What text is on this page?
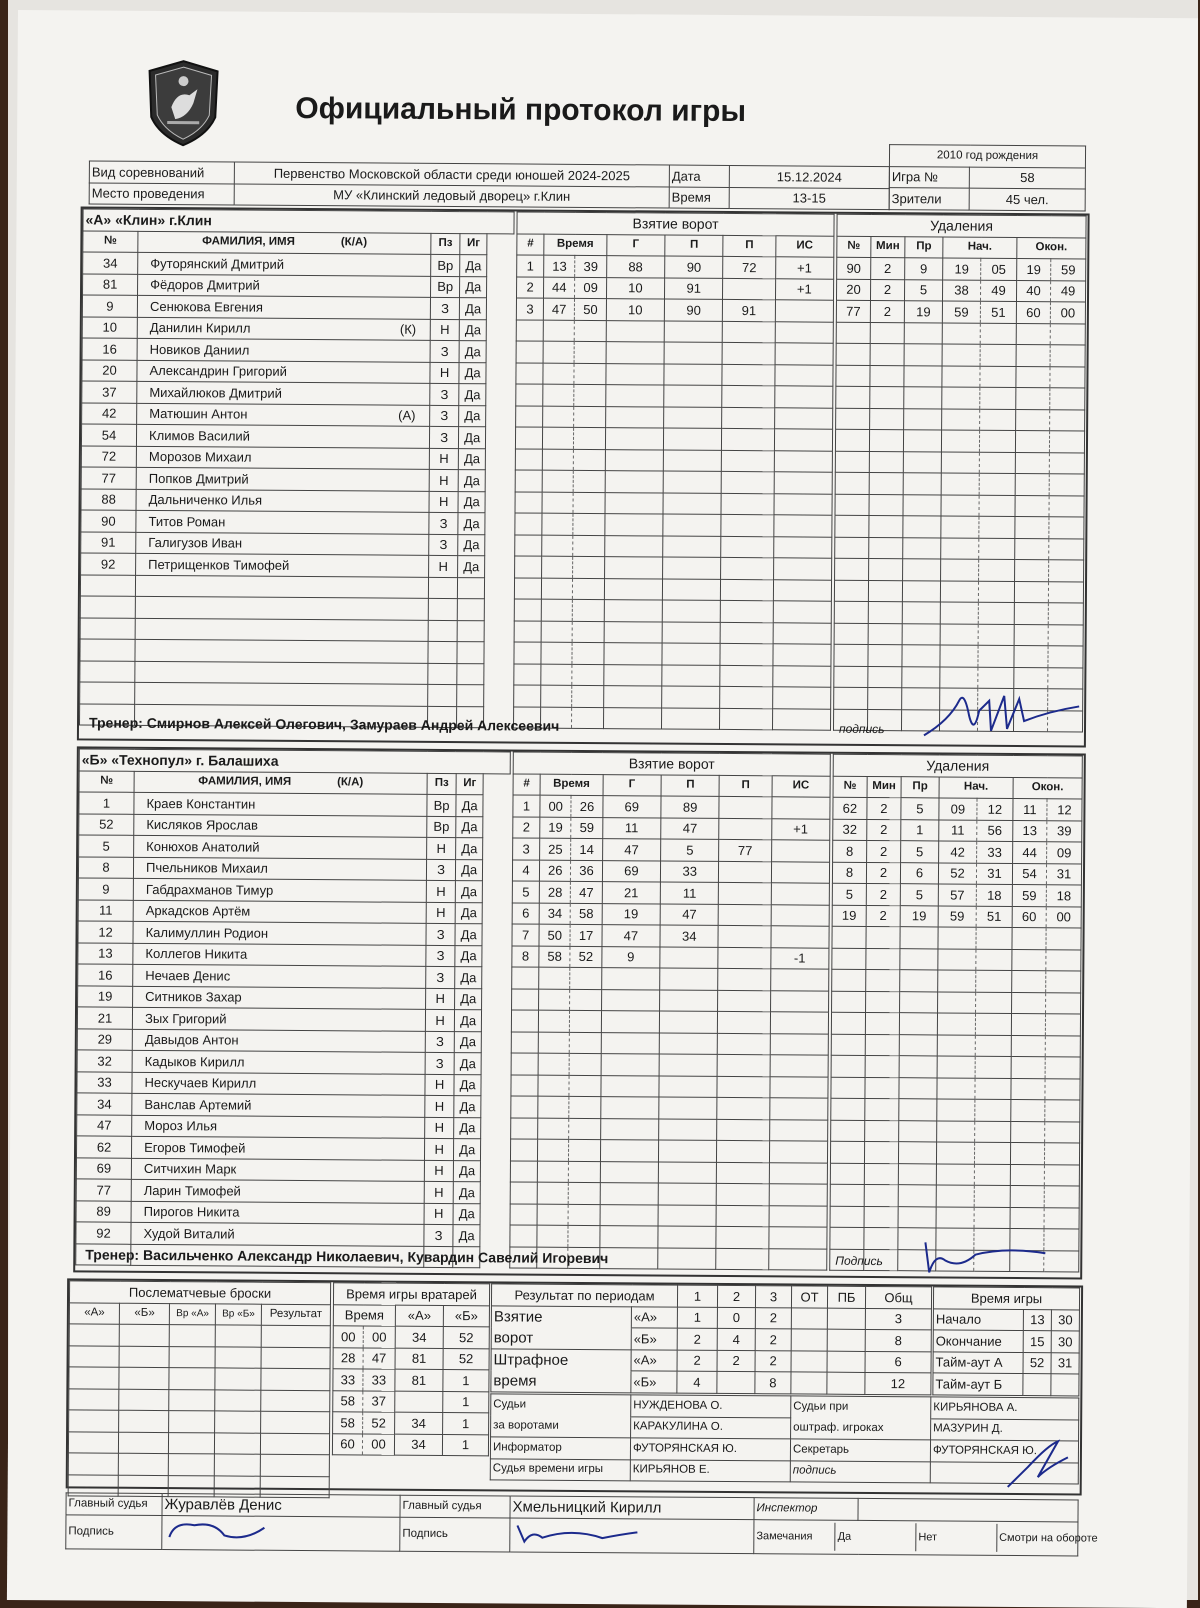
Официальный протокол игры
Вид соревнований	Первенство Московской области среди юношей 2024-2025	Дата	15.12.2024	
Место проведения	МУ «Клинский ледовый дворец» г.Клин	Время	13-15	
2010 год рождения	
Игра №	58
Зрители	45 чел.
«А» «Клин» г.Клин			
№	ФАМИЛИЯ, ИМЯ (К/А)	Пз	Иг
34	Футорянский Дмитрий	Вр	Да
81	Фёдоров Дмитрий	Вр	Да
9	Сенюкова Евгения	З	Да
10	Данилин Кирилл (К)	Н	Да
16	Новиков Даниил	З	Да
20	Александрин Григорий	Н	Да
37	Михайлюков Дмитрий	З	Да
42	Матюшин Антон (А)	З	Да
54	Климов Василий	З	Да
72	Морозов Михаил	Н	Да
77	Попков Дмитрий	Н	Да
88	Дальниченко Илья	Н	Да
90	Титов Роман	З	Да
91	Галигузов Иван	З	Да
92	Петрищенков Тимофей	Н	Да

Взятие ворот						
#	Время		Г	П	П	ИС
1	13	39	88	90	72	+1
2	44	09	10	91		+1
3	47	50	10	90	91	

Удаления						
№	Мин	Пр	Нач.		Окон.	
90	2	9	19	05	19	59
20	2	5	38	49	40	49
77	2	19	59	51	60	00

Тренер: Смирнов Алексей Олегович, Замураев Андрей Алексеевич	подпись
«Б» «Технопул» г. Балашиха			
№	ФАМИЛИЯ, ИМЯ (К/А)	Пз	Иг
1	Краев Константин	Вр	Да
52	Кисляков Ярослав	Вр	Да
5	Конюхов Анатолий	Н	Да
8	Пчельников Михаил	З	Да
9	Габдрахманов Тимур	Н	Да
11	Аркадсков Артём	Н	Да
12	Калимуллин Родион	З	Да
13	Коллегов Никита	З	Да
16	Нечаев Денис	З	Да
19	Ситников Захар	Н	Да
21	Зых Григорий	Н	Да
29	Давыдов Антон	З	Да
32	Кадыков Кирилл	З	Да
33	Нескучаев Кирилл	Н	Да
34	Ванслав Артемий	Н	Да
47	Мороз Илья	Н	Да
62	Егоров Тимофей	Н	Да
69	Ситчихин Марк	Н	Да
77	Ларин Тимофей	Н	Да
89	Пирогов Никита	Н	Да
92	Худой Виталий	З	Да

Взятие ворот						
#	Время		Г	П	П	ИС
1	00	26	69	89		
2	19	59	11	47		+1
3	25	14	47	5	77	
4	26	36	69	33		
5	28	47	21	11		
6	34	58	19	47		
7	50	17	47	34		
8	58	52	9			-1

Удаления						
№	Мин	Пр	Нач.		Окон.	
62	2	5	09	12	11	12
32	2	1	11	56	13	39
8	2	5	42	33	44	09
8	2	6	52	31	54	31
5	2	5	57	18	59	18
19	2	19	59	51	60	00

Тренер: Васильченко Александр Николаевич, Кувардин Савелий Игоревич	Подпись
Послематчевые броски				
«А»	«Б»	Вр «А»	Вр «Б»	Результат

Время игры вратарей			
Время		«А»	«Б»
00	00	34	52
28	47	81	52
33	33	81	1
58	37		1
58	52	34	1
60	00	34	1
Результат по периодам		1	2	3	ОТ	ПБ	Общ
Взятие	«А»	1	0	2			3
ворот	«Б»	2	4	2			8
Штрафное	«А»	2	2	2			6
время	«Б»	4		8			12
Время игры		
Начало	13	30
Окончание	15	30
Тайм-аут А	52	31
Тайм-аут Б		
Судьи	НУЖДЕНОВА О.	Судьи при	КИРЬЯНОВА А.
за воротами	КАРАКУЛИНА О.	оштраф. игроках	МАЗУРИН Д.
Информатор	ФУТОРЯНСКАЯ Ю.	Секретарь	ФУТОРЯНСКАЯ Ю.
Судья времени игры	КИРЬЯНОВ Е.	подпись	
Главный судья	Журавлёв Денис	Главный судья	Хмельницкий Кирилл	Инспектор	
Подпись		Подпись			Замечания	Да	Нет	Смотри на обороте
